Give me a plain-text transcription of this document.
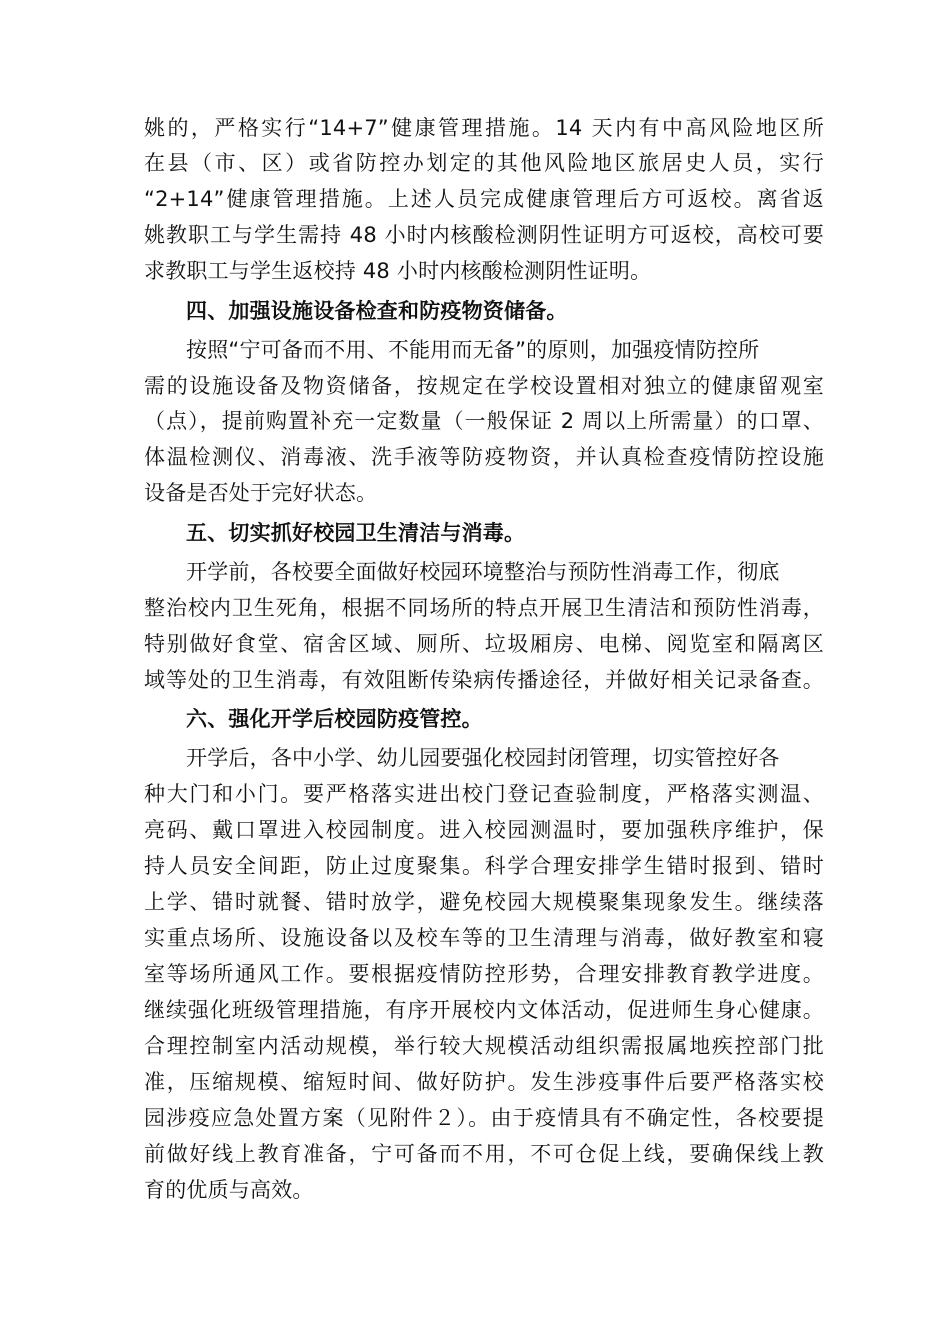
姚的，严格实行“14+7”健康管理措施。14 天内有中高风险地区所
在县（市、区）或省防控办划定的其他风险地区旅居史人员，实行
“2+14”健康管理措施。上述人员完成健康管理后方可返校。离省返
姚教职工与学生需持 48 小时内核酸检测阴性证明方可返校，高校可要
求教职工与学生返校持 48 小时内核酸检测阴性证明。
四、加强设施设备检查和防疫物资储备。
按照“宁可备而不用、不能用而无备”的原则，加强疫情防控所
需的设施设备及物资储备，按规定在学校设置相对独立的健康留观室
（点），提前购置补充一定数量（一般保证 2 周以上所需量）的口罩、
体温检测仪、消毒液、洗手液等防疫物资，并认真检查疫情防控设施
设备是否处于完好状态。
五、切实抓好校园卫生清洁与消毒。
开学前，各校要全面做好校园环境整治与预防性消毒工作，彻底
整治校内卫生死角，根据不同场所的特点开展卫生清洁和预防性消毒，
特别做好食堂、宿舍区域、厕所、垃圾厢房、电梯、阅览室和隔离区
域等处的卫生消毒，有效阻断传染病传播途径，并做好相关记录备查。
六、强化开学后校园防疫管控。
开学后，各中小学、幼儿园要强化校园封闭管理，切实管控好各
种大门和小门。要严格落实进出校门登记查验制度，严格落实测温、
亮码、戴口罩进入校园制度。进入校园测温时，要加强秩序维护，保
持人员安全间距，防止过度聚集。科学合理安排学生错时报到、错时
上学、错时就餐、错时放学，避免校园大规模聚集现象发生。继续落
实重点场所、设施设备以及校车等的卫生清理与消毒，做好教室和寝
室等场所通风工作。要根据疫情防控形势，合理安排教育教学进度。
继续强化班级管理措施，有序开展校内文体活动，促进师生身心健康。
合理控制室内活动规模，举行较大规模活动组织需报属地疾控部门批
准，压缩规模、缩短时间、做好防护。发生涉疫事件后要严格落实校
园涉疫应急处置方案（见附件２）。由于疫情具有不确定性，各校要提
前做好线上教育准备，宁可备而不用，不可仓促上线，要确保线上教
育的优质与高效。
